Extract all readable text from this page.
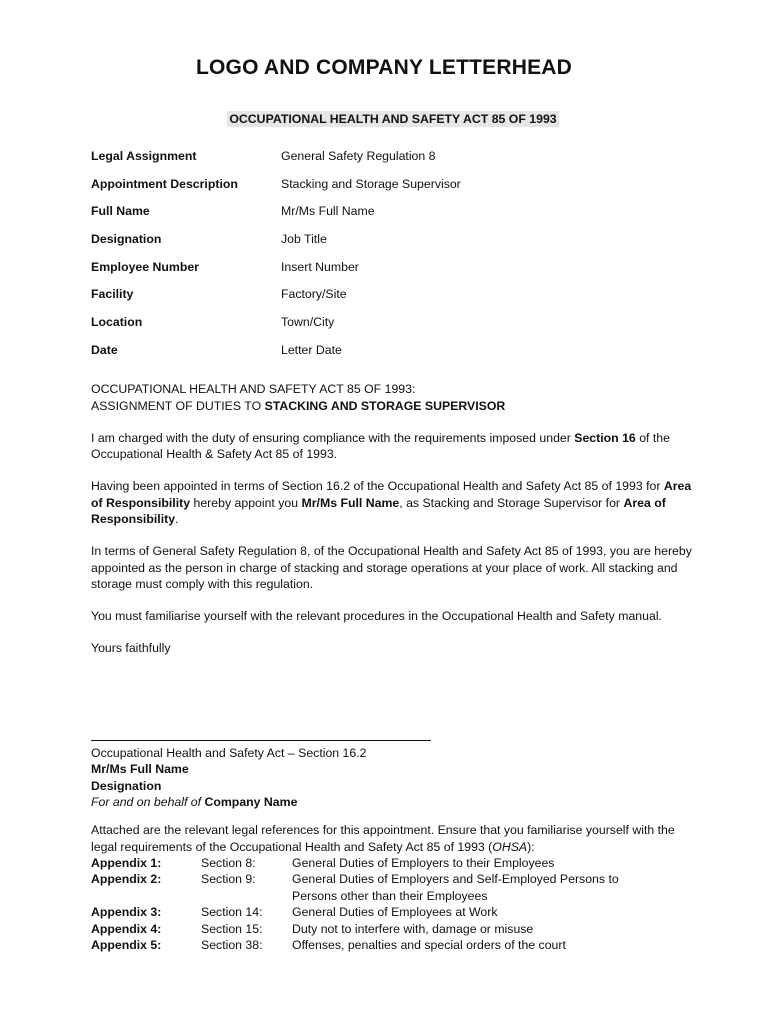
LOGO AND COMPANY LETTERHEAD
OCCUPATIONAL HEALTH AND SAFETY ACT 85 OF 1993
Legal Assignment	General Safety Regulation 8
Appointment Description	Stacking and Storage Supervisor
Full Name	Mr/Ms Full Name
Designation	Job Title
Employee Number	Insert Number
Facility	Factory/Site
Location	Town/City
Date	Letter Date

OCCUPATIONAL HEALTH AND SAFETY ACT 85 OF 1993:
ASSIGNMENT OF DUTIES TO STACKING AND STORAGE SUPERVISOR

I am charged with the duty of ensuring compliance with the requirements imposed under Section 16 of the Occupational Health & Safety Act 85 of 1993.

Having been appointed in terms of Section 16.2 of the Occupational Health and Safety Act 85 of 1993 for Area of Responsibility hereby appoint you Mr/Ms Full Name, as Stacking and Storage Supervisor for Area of Responsibility.

In terms of General Safety Regulation 8, of the Occupational Health and Safety Act 85 of 1993, you are hereby appointed as the person in charge of stacking and storage operations at your place of work. All stacking and storage must comply with this regulation.

You must familiarise yourself with the relevant procedures in the Occupational Health and Safety manual.

Yours faithfully

Occupational Health and Safety Act – Section 16.2
Mr/Ms Full Name
Designation
For and on behalf of Company Name
Attached are the relevant legal references for this appointment. Ensure that you familiarise yourself with the legal requirements of the Occupational Health and Safety Act 85 of 1993 (OHSA):
Appendix 1:	Section 8:	General Duties of Employers to their Employees
Appendix 2:	Section 9:	General Duties of Employers and Self-Employed Persons to Persons other than their Employees
Appendix 3:	Section 14:	General Duties of Employees at Work
Appendix 4:	Section 15:	Duty not to interfere with, damage or misuse
Appendix 5:	Section 38:	Offenses, penalties and special orders of the court
